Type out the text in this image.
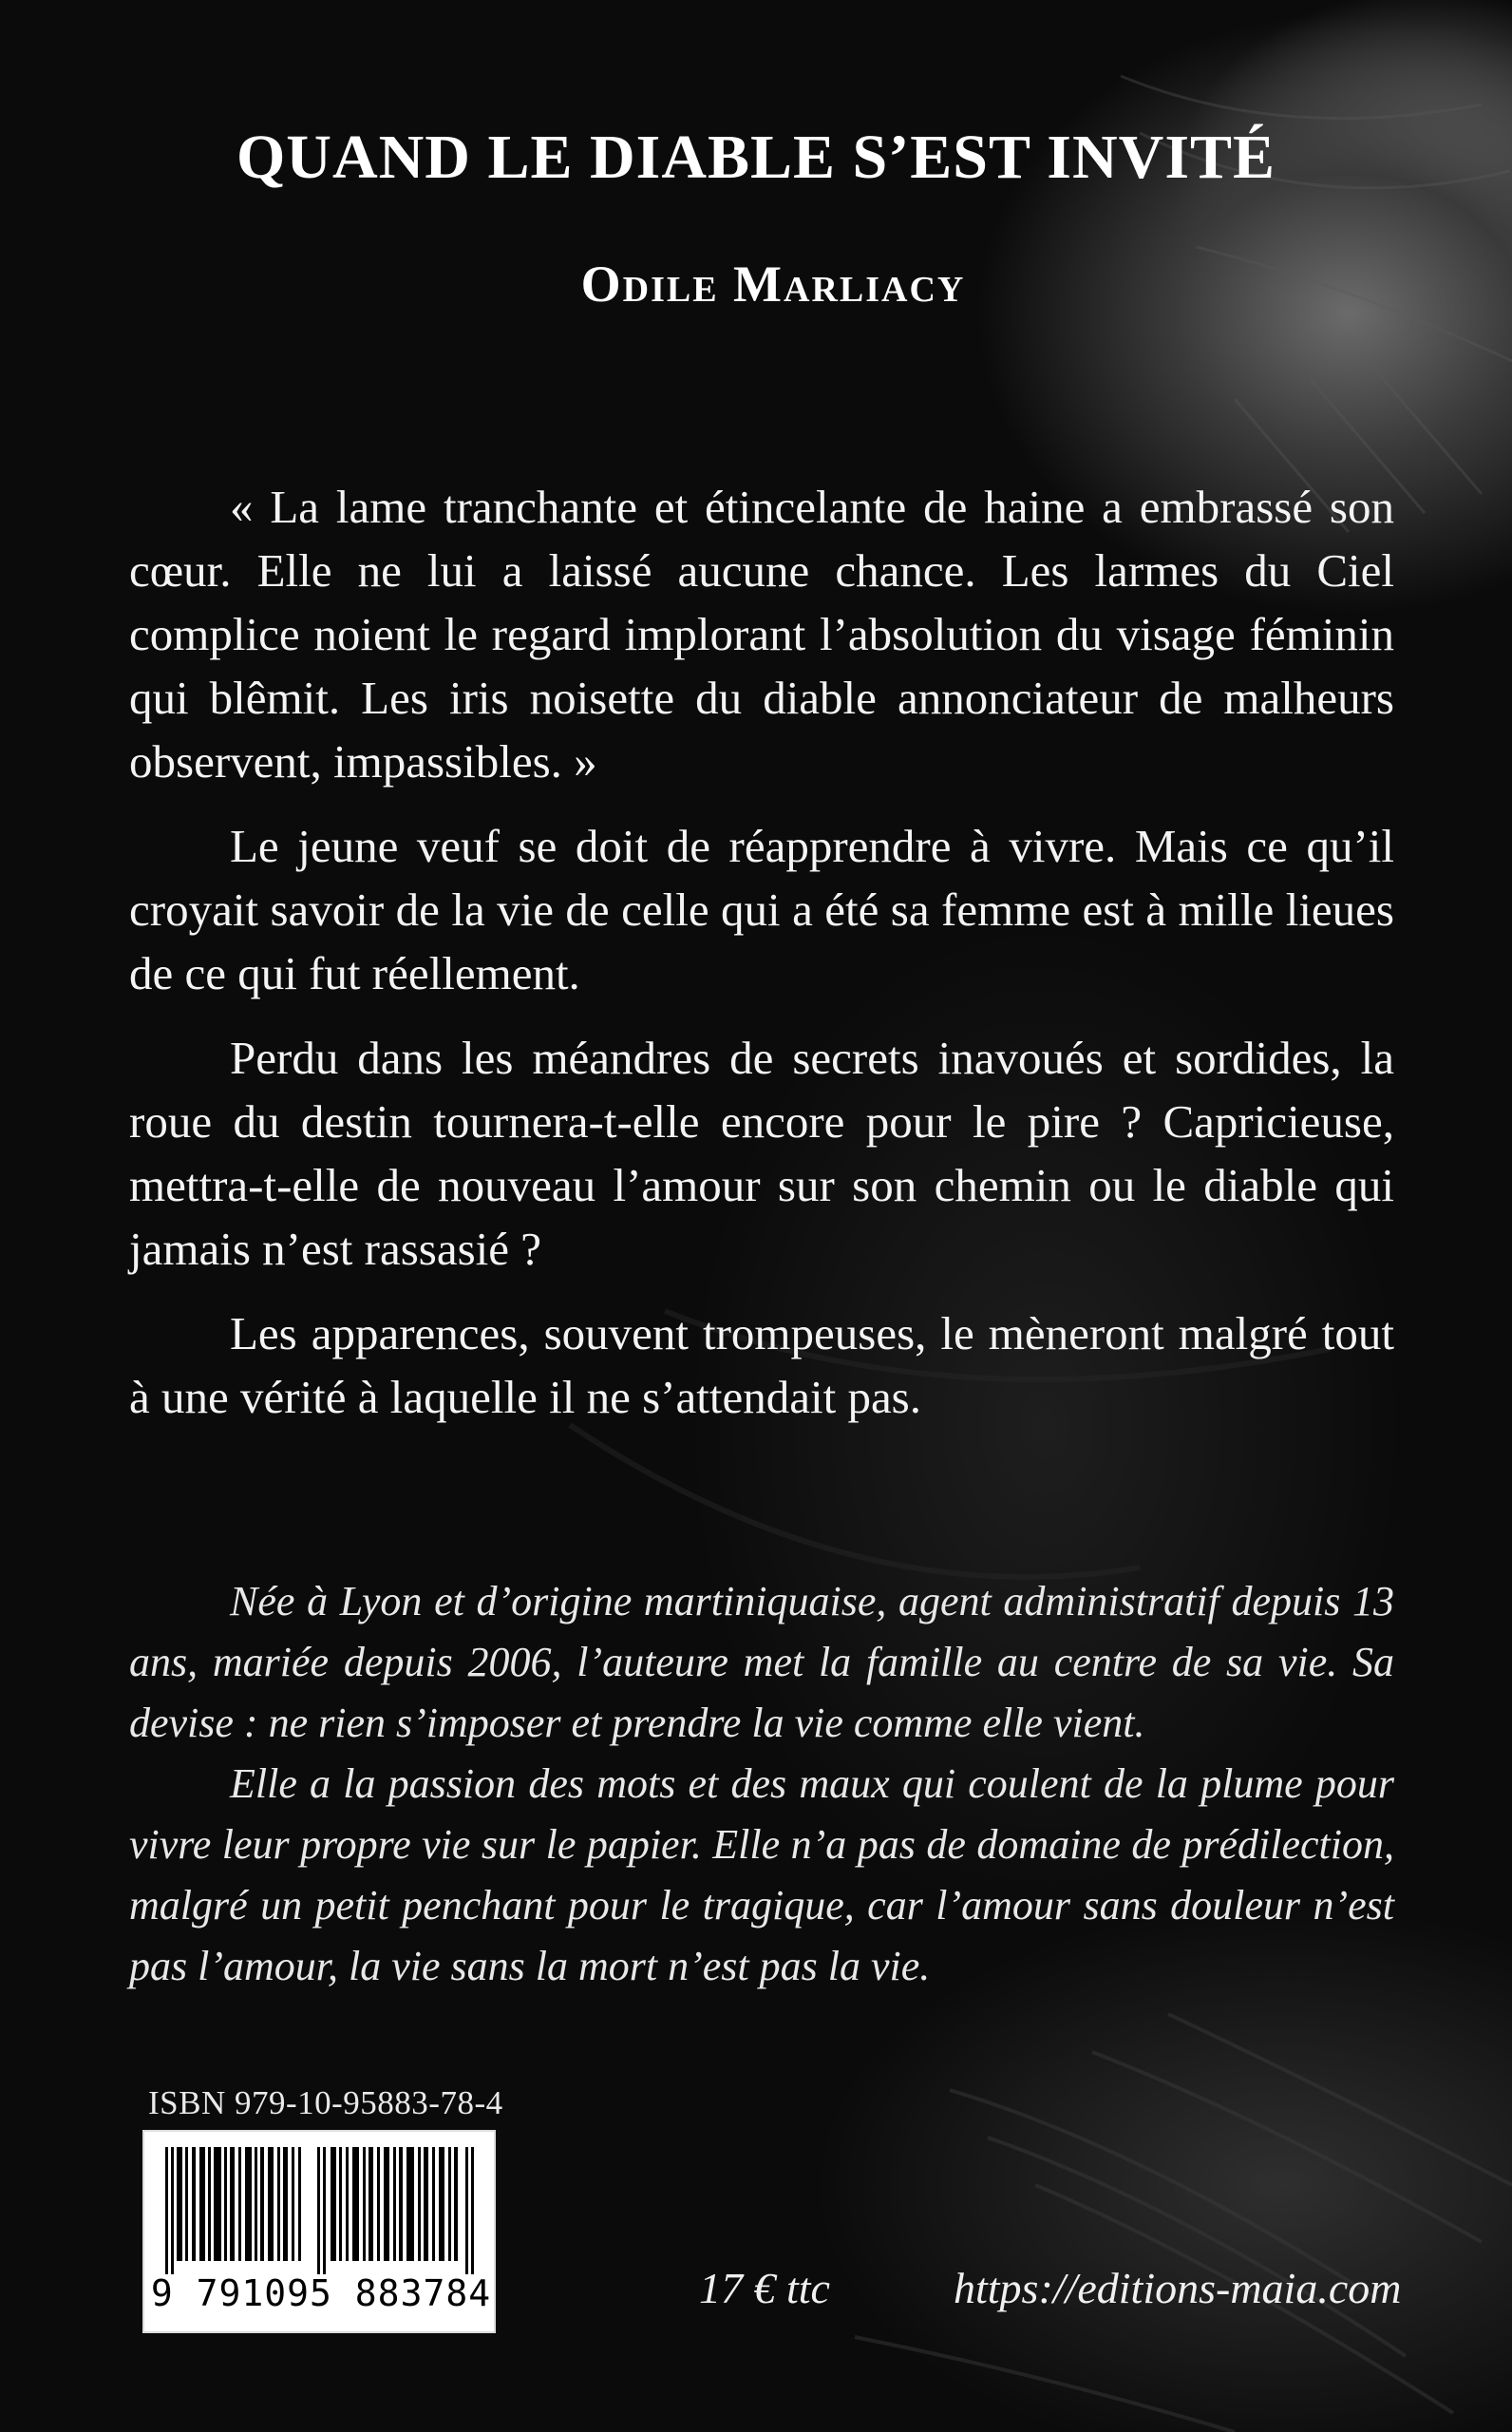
QUAND LE DIABLE S’EST INVITÉ
Odile Marliacy

« La lame tranchante et étincelante de haine a embrassé son cœur. Elle ne lui a laissé aucune chance. Les larmes du Ciel complice noient le regard implorant l’absolution du visage féminin qui blêmit. Les iris noisette du diable annonciateur de malheurs observent, impassibles. »

Le jeune veuf se doit de réapprendre à vivre. Mais ce qu’il croyait savoir de la vie de celle qui a été sa femme est à mille lieues de ce qui fut réellement.

Perdu dans les méandres de secrets inavoués et sordides, la roue du destin tournera-t-elle encore pour le pire ? Capricieuse, mettra-t-elle de nouveau l’amour sur son chemin ou le diable qui jamais n’est rassasié ?

Les apparences, souvent trompeuses, le mèneront malgré tout à une vérité à laquelle il ne s’attendait pas.

Née à Lyon et d’origine martiniquaise, agent administratif depuis 13 ans, mariée depuis 2006, l’auteure met la famille au centre de sa vie. Sa devise : ne rien s’imposer et prendre la vie comme elle vient.

Elle a la passion des mots et des maux qui coulent de la plume pour vivre leur propre vie sur le papier. Elle n’a pas de domaine de prédilection, malgré un petit penchant pour le tragique, car l’amour sans douleur n’est pas l’amour, la vie sans la mort n’est pas la vie.

ISBN 979-10-95883-78-4
9 791095 883784	17 € ttc	https://editions-maia.com
